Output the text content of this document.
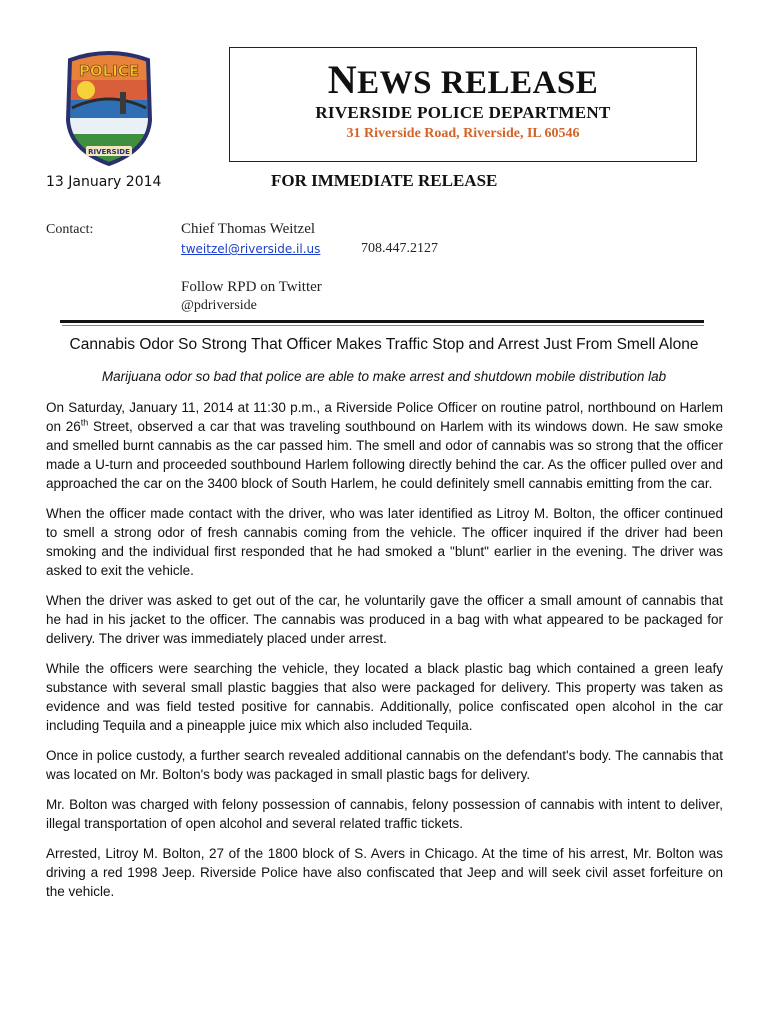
POLICE
RIVERSIDE
NEWS RELEASE
RIVERSIDE POLICE DEPARTMENT
31 Riverside Road, Riverside, IL 60546
13 January 2014	FOR IMMEDIATE RELEASE
Contact:	Chief Thomas Weitzel
tweitzel@riverside.il.us	708.447.2127
Follow RPD on Twitter
@pdriverside
Cannabis Odor So Strong That Officer Makes Traffic Stop and Arrest Just From Smell Alone
Marijuana odor so bad that police are able to make arrest and shutdown mobile distribution lab

On Saturday, January 11, 2014 at 11:30 p.m., a Riverside Police Officer on routine patrol, northbound on Harlem on 26th Street, observed a car that was traveling southbound on Harlem with its windows down. He saw smoke and smelled burnt cannabis as the car passed him. The smell and odor of cannabis was so strong that the officer made a U-turn and proceeded southbound Harlem following directly behind the car. As the officer pulled over and approached the car on the 3400 block of South Harlem, he could definitely smell cannabis emitting from the car.

When the officer made contact with the driver, who was later identified as Litroy M. Bolton, the officer continued to smell a strong odor of fresh cannabis coming from the vehicle. The officer inquired if the driver had been smoking and the individual first responded that he had smoked a "blunt" earlier in the evening. The driver was asked to exit the vehicle.

When the driver was asked to get out of the car, he voluntarily gave the officer a small amount of cannabis that he had in his jacket to the officer. The cannabis was produced in a bag with what appeared to be packaged for delivery. The driver was immediately placed under arrest.

While the officers were searching the vehicle, they located a black plastic bag which contained a green leafy substance with several small plastic baggies that also were packaged for delivery. This property was taken as evidence and was field tested positive for cannabis. Additionally, police confiscated open alcohol in the car including Tequila and a pineapple juice mix which also included Tequila.

Once in police custody, a further search revealed additional cannabis on the defendant's body. The cannabis that was located on Mr. Bolton's body was packaged in small plastic bags for delivery.

Mr. Bolton was charged with felony possession of cannabis, felony possession of cannabis with intent to deliver, illegal transportation of open alcohol and several related traffic tickets.

Arrested, Litroy M. Bolton, 27 of the 1800 block of S. Avers in Chicago. At the time of his arrest, Mr. Bolton was driving a red 1998 Jeep. Riverside Police have also confiscated that Jeep and will seek civil asset forfeiture on the vehicle.
